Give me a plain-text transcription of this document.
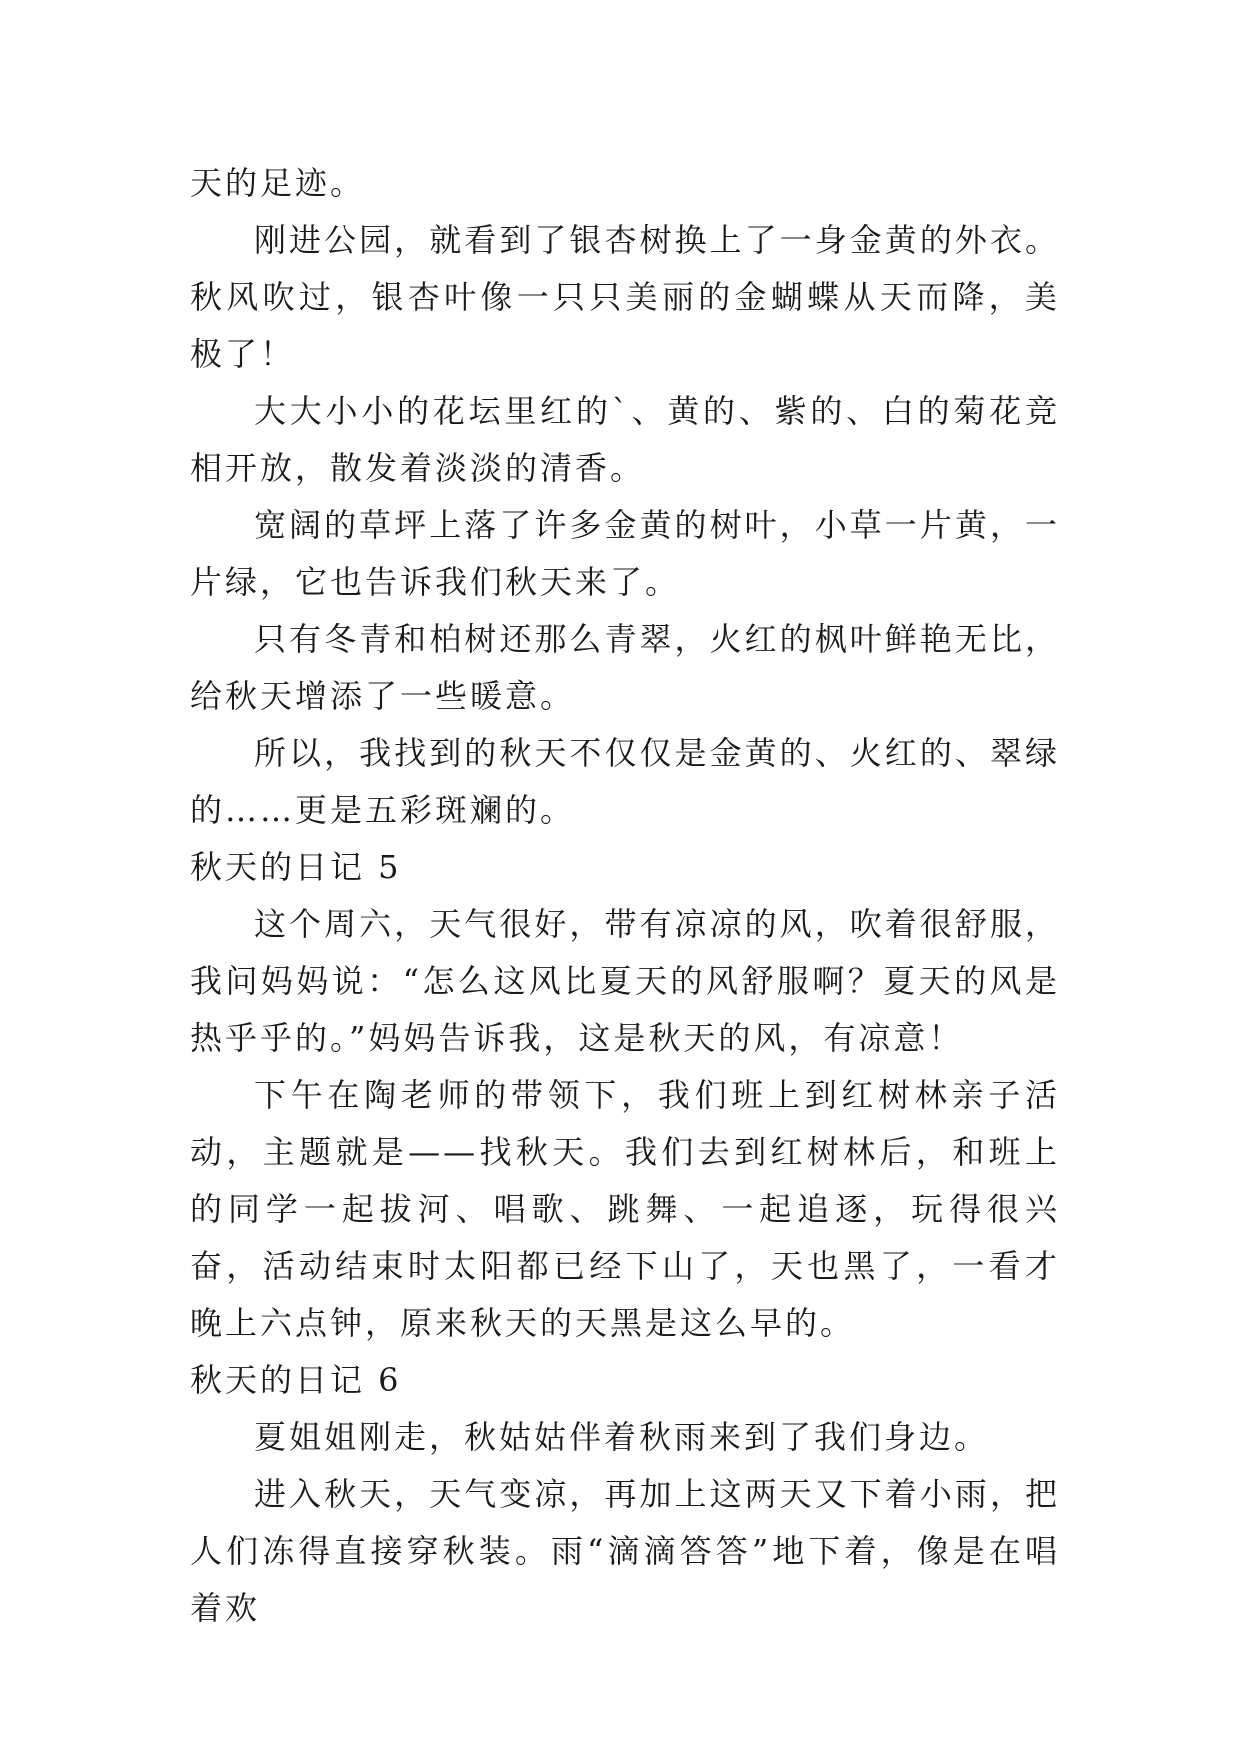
天的足迹。

刚进公园，就看到了银杏树换上了一身金黄的外衣。秋风吹过，银杏叶像一只只美丽的金蝴蝶从天而降，美极了！

大大小小的花坛里红的`、黄的、紫的、白的菊花竞相开放，散发着淡淡的清香。

宽阔的草坪上落了许多金黄的树叶，小草一片黄，一片绿，它也告诉我们秋天来了。

只有冬青和柏树还那么青翠，火红的枫叶鲜艳无比，给秋天增添了一些暖意。

所以，我找到的秋天不仅仅是金黄的、火红的、翠绿的……更是五彩斑斓的。

秋天的日记 5

这个周六，天气很好，带有凉凉的风，吹着很舒服，我问妈妈说：“怎么这风比夏天的风舒服啊？夏天的风是热乎乎的。”妈妈告诉我，这是秋天的风，有凉意！

下午在陶老师的带领下，我们班上到红树林亲子活动，主题就是——找秋天。我们去到红树林后，和班上的同学一起拔河、唱歌、跳舞、一起追逐，玩得很兴奋，活动结束时太阳都已经下山了，天也黑了，一看才晚上六点钟，原来秋天的天黑是这么早的。

秋天的日记 6

夏姐姐刚走，秋姑姑伴着秋雨来到了我们身边。

进入秋天，天气变凉，再加上这两天又下着小雨，把人们冻得直接穿秋装。雨“滴滴答答”地下着，像是在唱着欢
